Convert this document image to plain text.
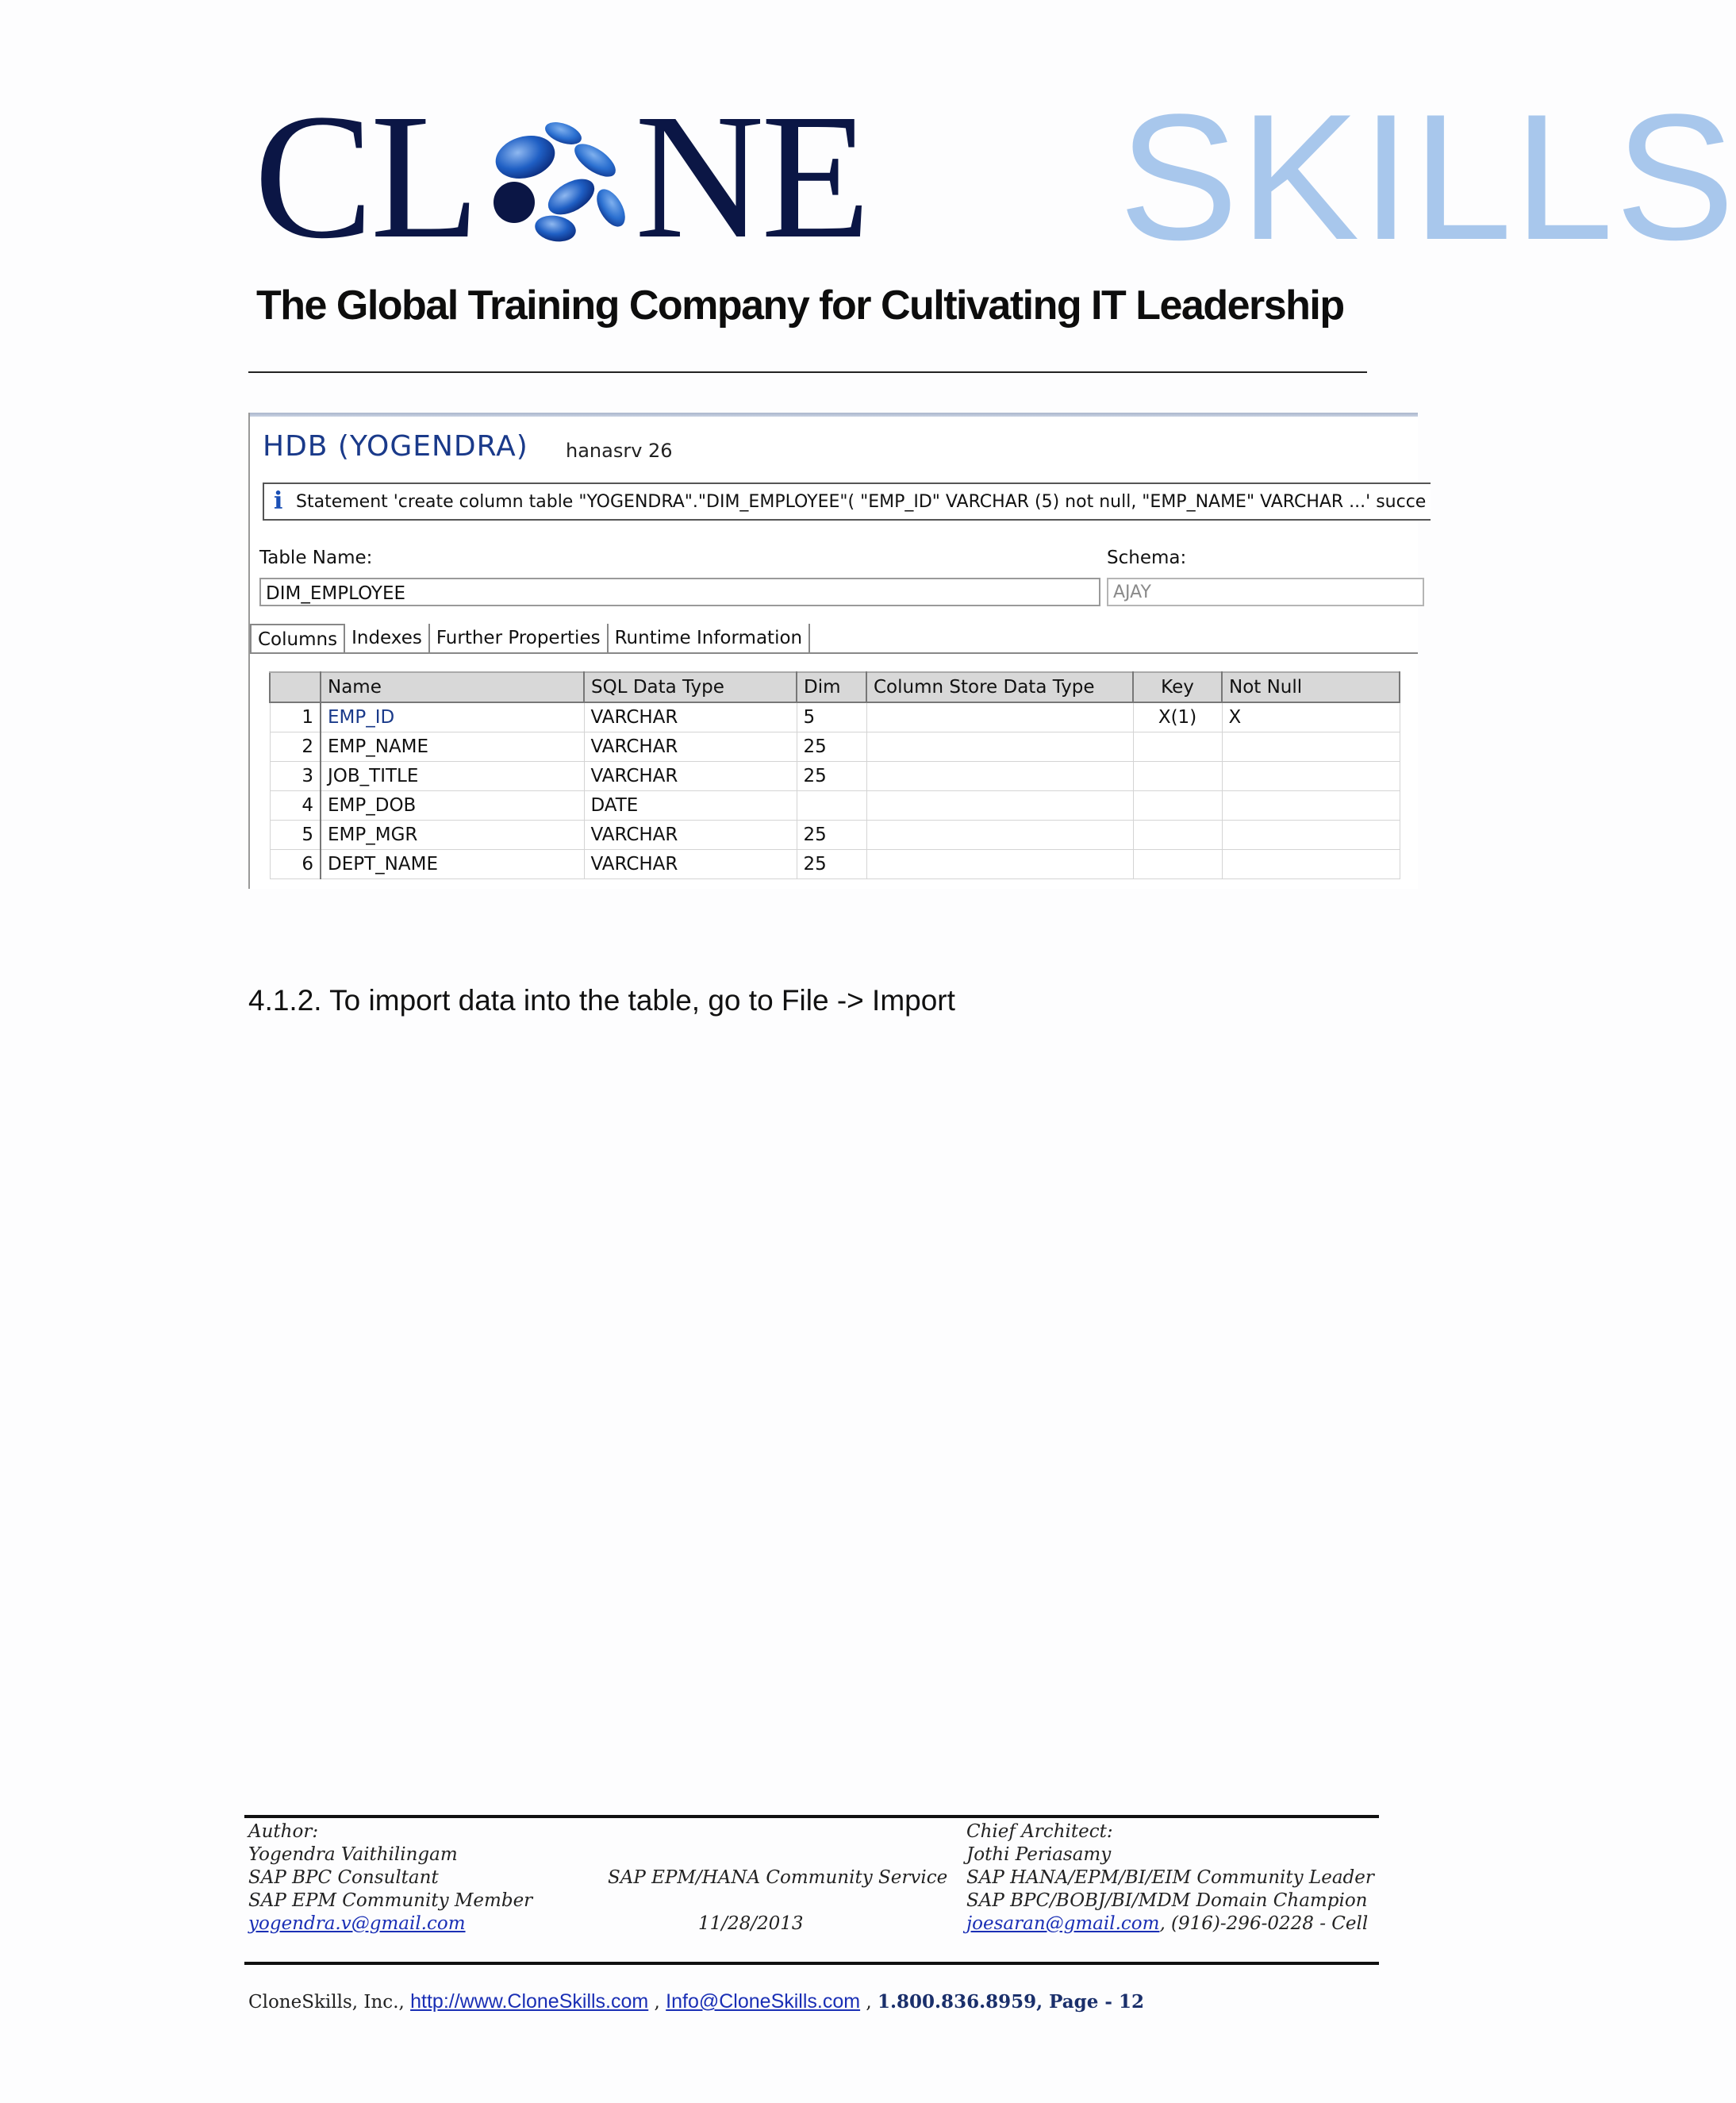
CL NE SKILLS
The Global Training Company for Cultivating IT Leadership
HDB (YOGENDRA) hanasrv 26
i Statement 'create column table "YOGENDRA"."DIM_EMPLOYEE"( "EMP_ID" VARCHAR (5) not null, "EMP_NAME" VARCHAR ...' succe
Table Name:	Schema:
DIM_EMPLOYEE	AJAY
Columns Indexes Further Properties Runtime Information
	Name	SQL Data Type	Dim	Column Store Data Type	Key	Not Null
1	EMP_ID	VARCHAR	5		X(1)	X
2	EMP_NAME	VARCHAR	25			
3	JOB_TITLE	VARCHAR	25			
4	EMP_DOB	DATE				
5	EMP_MGR	VARCHAR	25			
6	DEPT_NAME	VARCHAR	25			
4.1.2. To import data into the table, go to File -> Import
Author:
Yogendra Vaithilingam
SAP BPC Consultant
SAP EPM Community Member
yogendra.v@gmail.com
SAP EPM/HANA Community Service
11/28/2013
Chief Architect:
Jothi Periasamy
SAP HANA/EPM/BI/EIM Community Leader
SAP BPC/BOBJ/BI/MDM Domain Champion
joesaran@gmail.com, (916)-296-0228 - Cell
CloneSkills, Inc., http://www.CloneSkills.com , Info@CloneSkills.com , 1.800.836.8959, Page - 12
